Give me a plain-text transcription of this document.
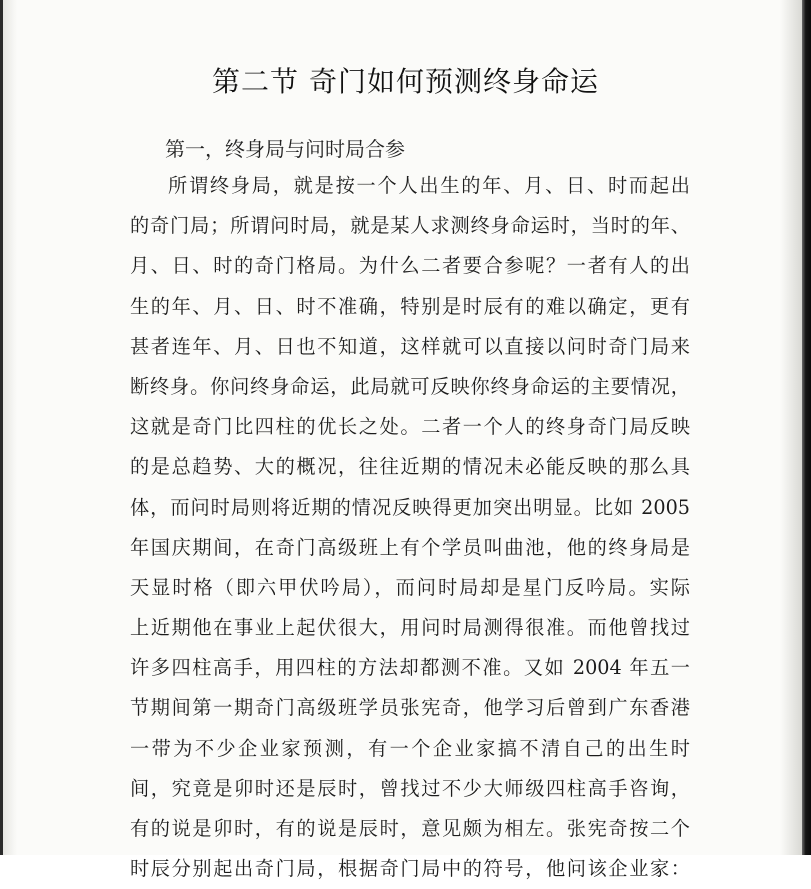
第二节 奇门如何预测终身命运
第一，终身局与问时局合参
所谓终身局，就是按一个人出生的年、月、日、时而起出
的奇门局；所谓问时局，就是某人求测终身命运时，当时的年、
月、日、时的奇门格局。为什么二者要合参呢？一者有人的出
生的年、月、日、时不准确，特别是时辰有的难以确定，更有
甚者连年、月、日也不知道，这样就可以直接以问时奇门局来
断终身。你问终身命运，此局就可反映你终身命运的主要情况，
这就是奇门比四柱的优长之处。二者一个人的终身奇门局反映
的是总趋势、大的概况，往往近期的情况未必能反映的那么具
体，而问时局则将近期的情况反映得更加突出明显。比如 2005
年国庆期间，在奇门高级班上有个学员叫曲池，他的终身局是
天显时格（即六甲伏吟局），而问时局却是星门反吟局。实际
上近期他在事业上起伏很大，用问时局测得很准。而他曾找过
许多四柱高手，用四柱的方法却都测不准。又如 2004 年五一
节期间第一期奇门高级班学员张宪奇，他学习后曾到广东香港
一带为不少企业家预测，有一个企业家搞不清自己的出生时
间，究竟是卯时还是辰时，曾找过不少大师级四柱高手咨询，
有的说是卯时，有的说是辰时，意见颇为相左。张宪奇按二个
时辰分别起出奇门局，根据奇门局中的符号，他问该企业家：
